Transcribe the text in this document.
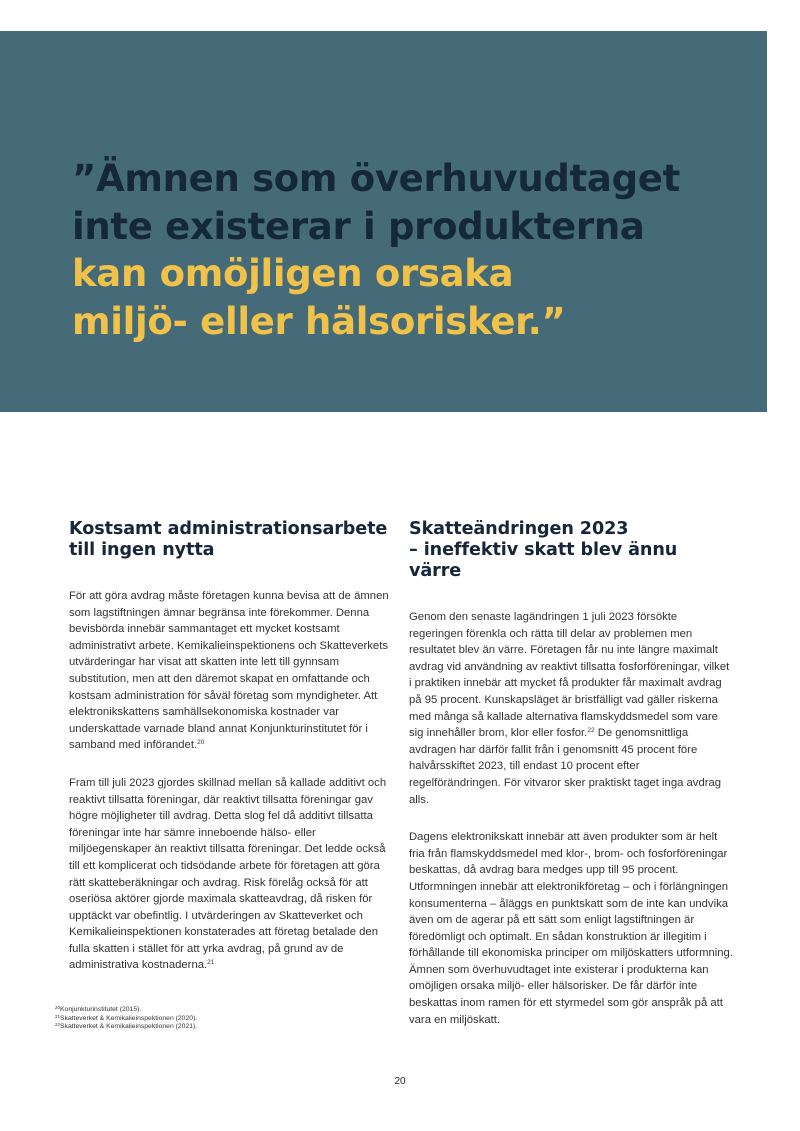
”Ämnen som överhuvudtaget
inte existerar i produkterna
kan omöjligen orsaka
miljö- eller hälsorisker.”
Kostsamt administrationsarbete
till ingen nytta

För att göra avdrag måste företagen kunna bevisa att de ämnen som lagstiftningen ämnar begränsa inte förekommer. Denna bevisbörda innebär sammantaget ett mycket kostsamt administrativt arbete. Kemikalieinspektionens och Skatteverkets utvärderingar har visat att skatten inte lett till gynnsam substitution, men att den däremot skapat en omfattande och kostsam administration för såväl företag som myndigheter. Att elektronikskattens samhällsekonomiska kostnader var underskattade varnade bland annat Konjunkturinstitutet för i samband med införandet.$^{20}$

Fram till juli 2023 gjordes skillnad mellan så kallade additivt och reaktivt tillsatta föreningar, där reaktivt tillsatta föreningar gav högre möjligheter till avdrag. Detta slog fel då additivt tillsatta föreningar inte har sämre inneboende hälso- eller miljöegenskaper än reaktivt tillsatta föreningar. Det ledde också till ett komplicerat och tidsödande arbete för företagen att göra rätt skatteberäkningar och avdrag. Risk förelåg också för att oseriösa aktörer gjorde maximala skatteavdrag, då risken för upptäckt var obefintlig. I utvärderingen av Skatteverket och Kemikalieinspektionen konstaterades att företag betalade den fulla skatten i stället för att yrka avdrag, på grund av de administrativa kostnaderna.$^{21}$

Skatteändringen 2023
– ineffektiv skatt blev ännu värre

Genom den senaste lagändringen 1 juli 2023 försökte regeringen förenkla och rätta till delar av problemen men resultatet blev än värre. Företagen får nu inte längre maximalt avdrag vid användning av reaktivt tillsatta fosforföreningar, vilket i praktiken innebär att mycket få produkter får maximalt avdrag på 95 procent. Kunskapsläget är bristfälligt vad gäller riskerna med många så kallade alternativa flamskyddsmedel som vare sig innehåller brom, klor eller fosfor.$^{22}$ De genomsnittliga avdragen har därför fallit från i genomsnitt 45 procent före halvårsskiftet 2023, till endast 10 procent efter regelförändringen. För vitvaror sker praktiskt taget inga avdrag alls.

Dagens elektronikskatt innebär att även produkter som är helt fria från flamskyddsmedel med klor-, brom- och fosforföreningar beskattas, då avdrag bara medges upp till 95 procent. Utformningen innebär att elektronikföretag – och i förlängningen konsumenterna – åläggs en punktskatt som de inte kan undvika även om de agerar på ett sätt som enligt lagstiftningen är föredömligt och optimalt. En sådan konstruktion är illegitim i förhållande till ekonomiska principer om miljöskatters utformning. Ämnen som överhuvudtaget inte existerar i produkterna kan omöjligen orsaka miljö- eller hälsorisker. De får därför inte beskattas inom ramen för ett styrmedel som gör anspråk på att vara en miljöskatt.

$^{20}$Konjunkturinstitutet (2015).
$^{21}$Skatteverket & Kemikalieinspektionen (2020).
$^{22}$Skatteverket & Kemikalieinspektionen (2021).
20
